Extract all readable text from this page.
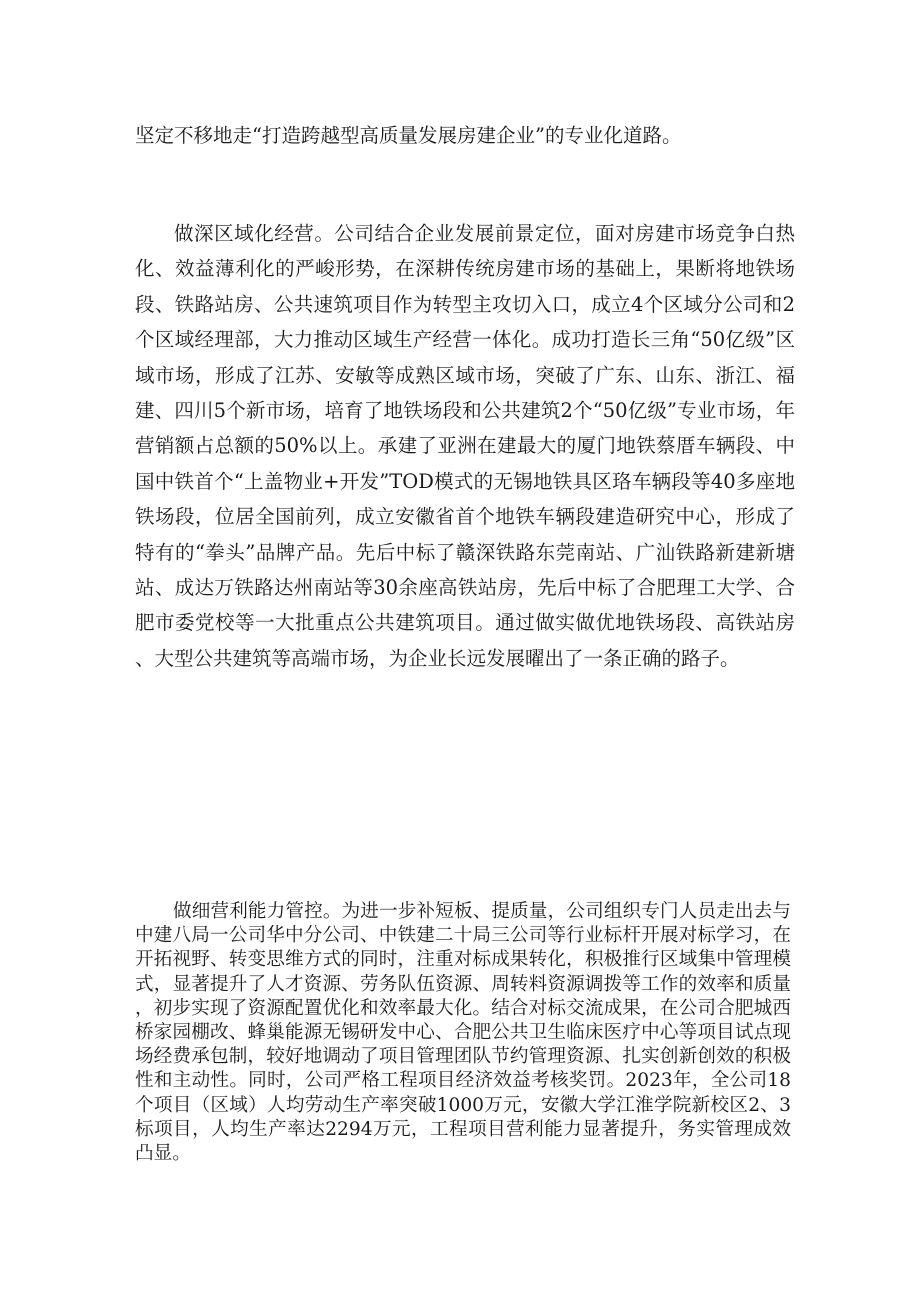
坚定不移地走“打造跨越型高质量发展房建企业”的专业化道路。

做深区域化经营。公司结合企业发展前景定位，面对房建市场竞争白热化、效益薄利化的严峻形势，在深耕传统房建市场的基础上，果断将地铁场段、铁路站房、公共速筑项目作为转型主攻切入口，成立4个区域分公司和2个区域经理部，大力推动区域生产经营一体化。成功打造长三角“50亿级”区域市场，形成了江苏、安敏等成熟区域市场，突破了广东、山东、浙江、福建、四川5个新市场，培育了地铁场段和公共建筑2个“50亿级”专业市场，年营销额占总额的50%以上。承建了亚洲在建最大的厦门地铁蔡厝车辆段、中国中铁首个“上盖物业+开发”TOD模式的无锡地铁具区珞车辆段等40多座地铁场段，位居全国前列，成立安徽省首个地铁车辆段建造研究中心，形成了特有的“拳头”品牌产品。先后中标了赣深铁路东莞南站、广汕铁路新建新塘站、成达万铁路达州南站等30余座高铁站房，先后中标了合肥理工大学、合肥市委党校等一大批重点公共建筑项目。通过做实做优地铁场段、高铁站房、大型公共建筑等高端市场，为企业长远发展曜出了一条正确的路子。

做细营利能力管控。为进一步补短板、提质量，公司组织专门人员走出去与中建八局一公司华中分公司、中铁建二十局三公司等行业标杆开展对标学习，在开拓视野、转变思维方式的同时，注重对标成果转化，积极推行区域集中管理模式，显著提升了人才资源、劳务队伍资源、周转料资源调拨等工作的效率和质量，初步实现了资源配置优化和效率最大化。结合对标交流成果，在公司合肥城西桥家园棚改、蜂巢能源无锡研发中心、合肥公共卫生临床医疗中心等项目试点现场经费承包制，较好地调动了项目管理团队节约管理资源、扎实创新创效的积极性和主动性。同时，公司严格工程项目经济效益考核奖罚。2023年，全公司18个项目（区域）人均劳动生产率突破1000万元，安徽大学江淮学院新校区2、3标项目，人均生产率达2294万元，工程项目营利能力显著提升，务实管理成效凸显。
